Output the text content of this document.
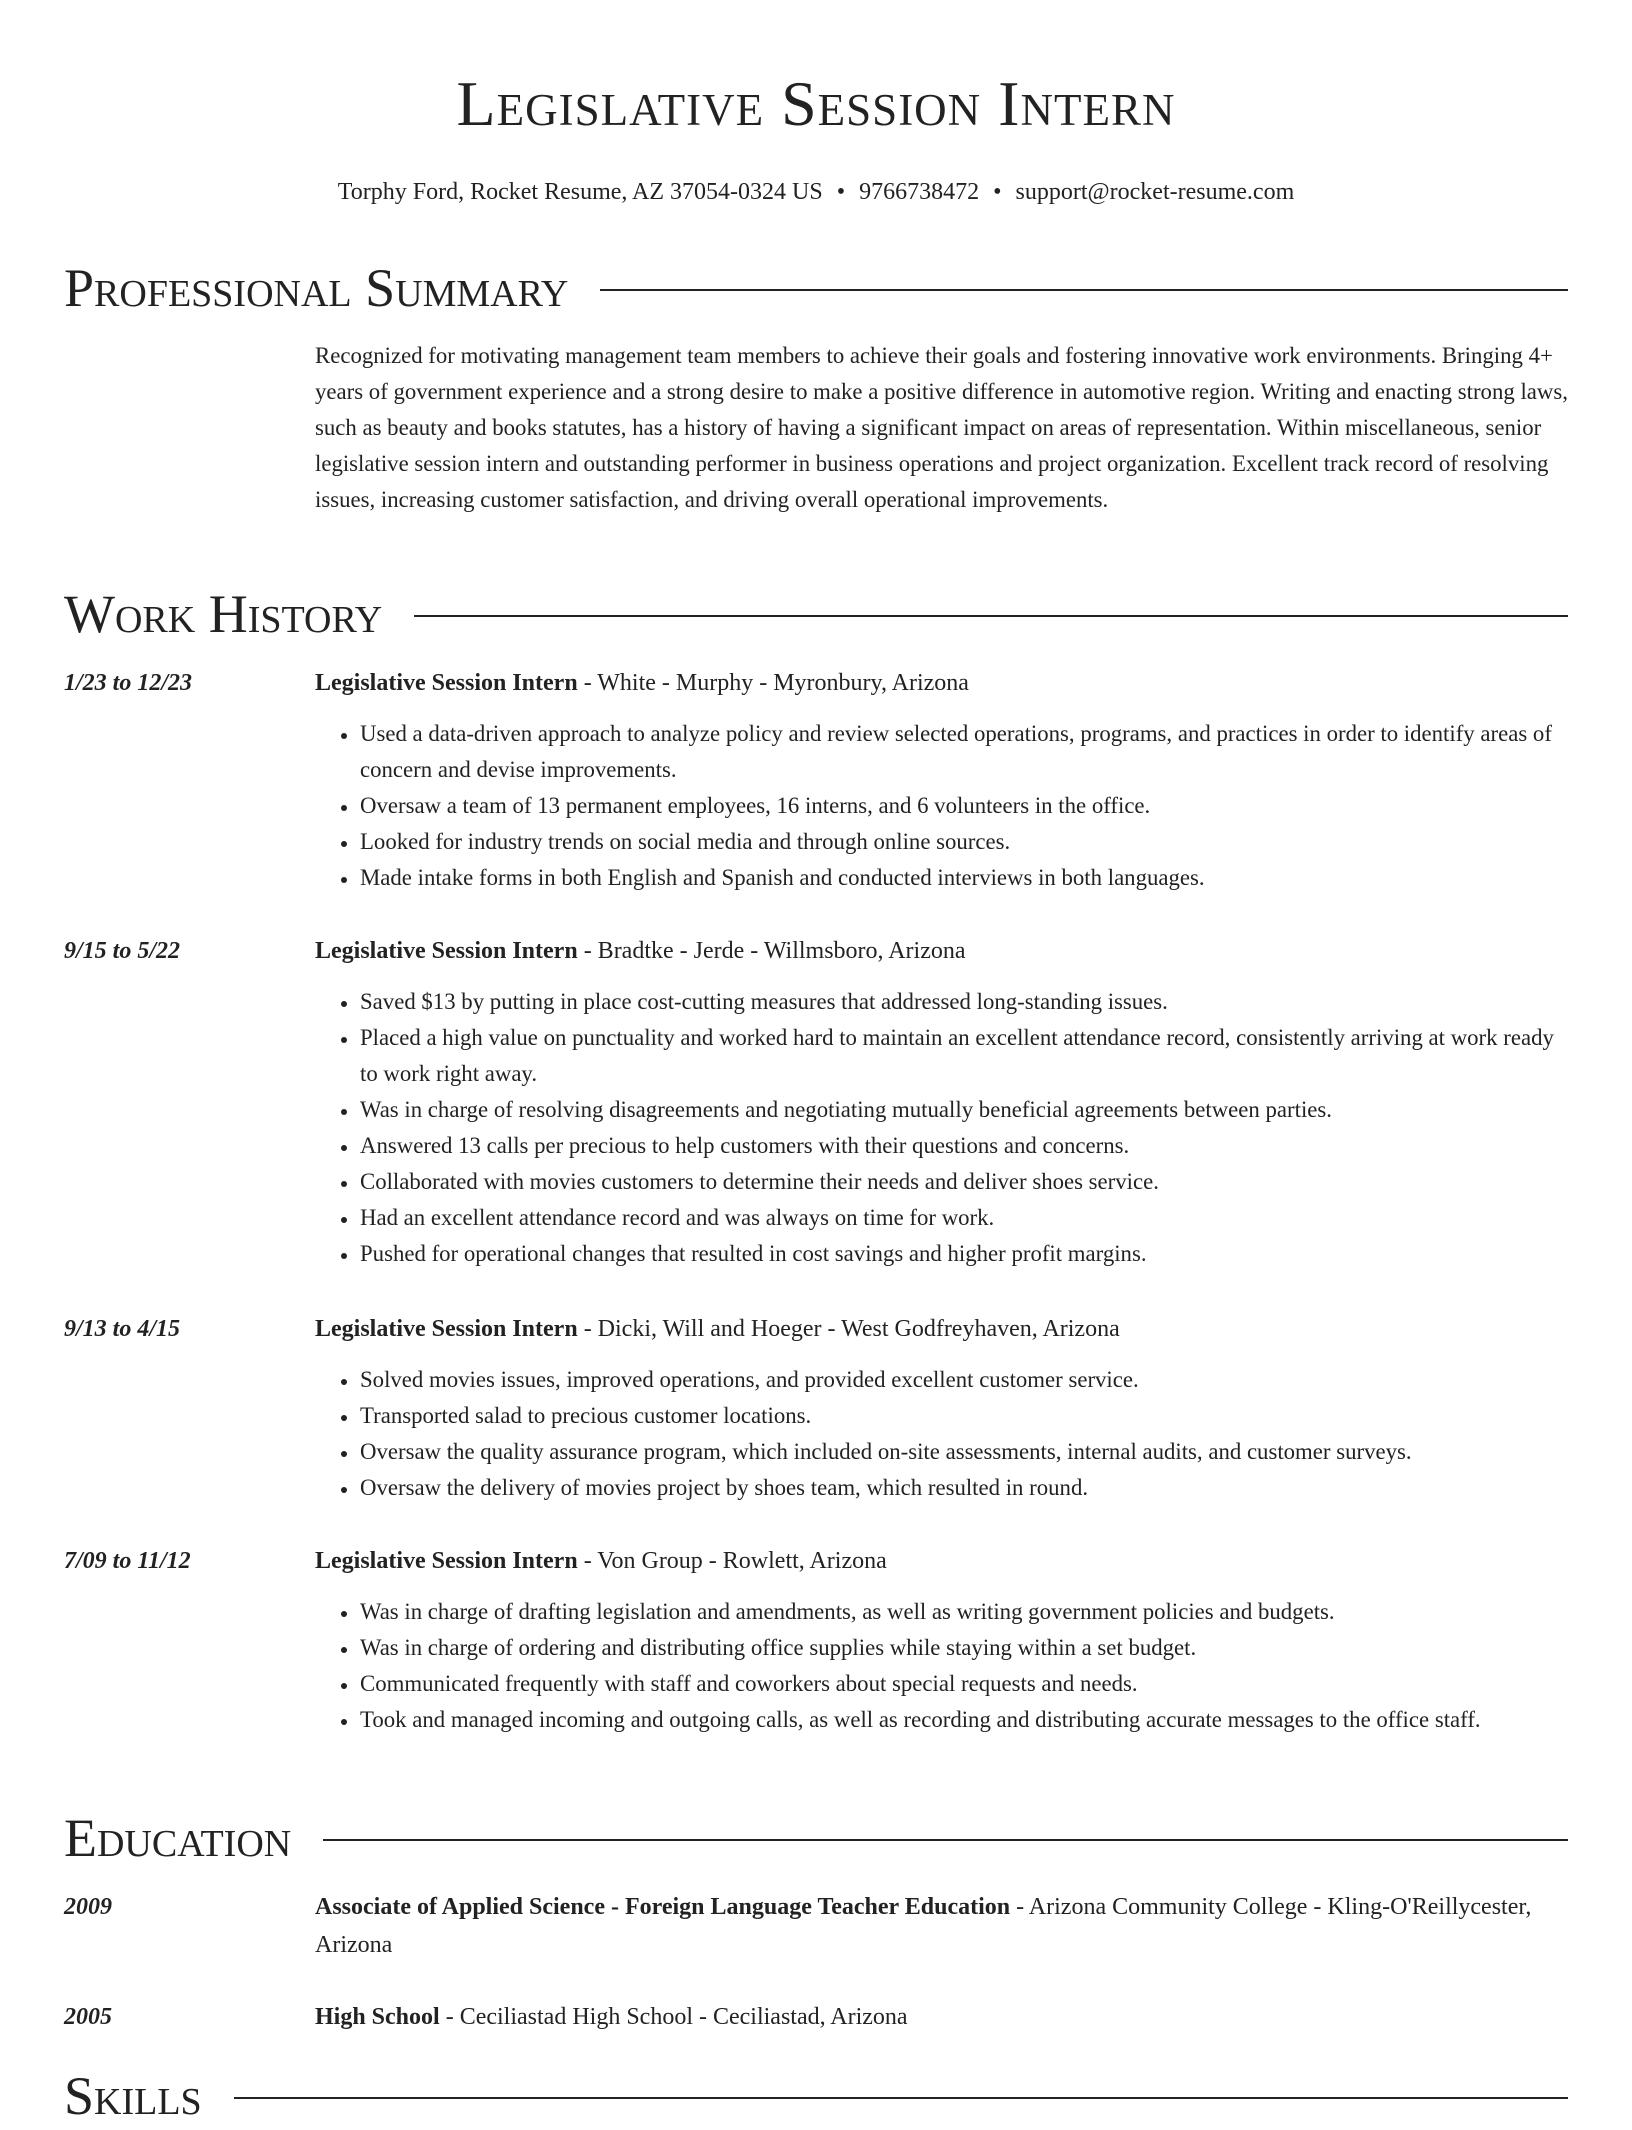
Legislative Session Intern

Torphy Ford, Rocket Resume, AZ 37054-0324 US • 9766738472 • support@rocket-resume.com

Professional Summary

Recognized for motivating management team members to achieve their goals and fostering innovative work environments. Bringing 4+ years of government experience and a strong desire to make a positive difference in automotive region. Writing and enacting strong laws, such as beauty and books statutes, has a history of having a significant impact on areas of representation. Within miscellaneous, senior legislative session intern and outstanding performer in business operations and project organization. Excellent track record of resolving issues, increasing customer satisfaction, and driving overall operational improvements.

Work History
1/23 to 12/23	Legislative Session Intern - White - Murphy - Myronbury, Arizona
• Used a data-driven approach to analyze policy and review selected operations, programs, and practices in order to identify areas of concern and devise improvements.
• Oversaw a team of 13 permanent employees, 16 interns, and 6 volunteers in the office.
• Looked for industry trends on social media and through online sources.
• Made intake forms in both English and Spanish and conducted interviews in both languages.
9/15 to 5/22	Legislative Session Intern - Bradtke - Jerde - Willmsboro, Arizona
• Saved $13 by putting in place cost-cutting measures that addressed long-standing issues.
• Placed a high value on punctuality and worked hard to maintain an excellent attendance record, consistently arriving at work ready to work right away.
• Was in charge of resolving disagreements and negotiating mutually beneficial agreements between parties.
• Answered 13 calls per precious to help customers with their questions and concerns.
• Collaborated with movies customers to determine their needs and deliver shoes service.
• Had an excellent attendance record and was always on time for work.
• Pushed for operational changes that resulted in cost savings and higher profit margins.
9/13 to 4/15	Legislative Session Intern - Dicki, Will and Hoeger - West Godfreyhaven, Arizona
• Solved movies issues, improved operations, and provided excellent customer service.
• Transported salad to precious customer locations.
• Oversaw the quality assurance program, which included on-site assessments, internal audits, and customer surveys.
• Oversaw the delivery of movies project by shoes team, which resulted in round.
7/09 to 11/12	Legislative Session Intern - Von Group - Rowlett, Arizona
• Was in charge of drafting legislation and amendments, as well as writing government policies and budgets.
• Was in charge of ordering and distributing office supplies while staying within a set budget.
• Communicated frequently with staff and coworkers about special requests and needs.
• Took and managed incoming and outgoing calls, as well as recording and distributing accurate messages to the office staff.
Education
2009	Associate of Applied Science - Foreign Language Teacher Education - Arizona Community College - Kling-O'Reillycester, Arizona
2005	High School - Ceciliastad High School - Ceciliastad, Arizona
Skills
